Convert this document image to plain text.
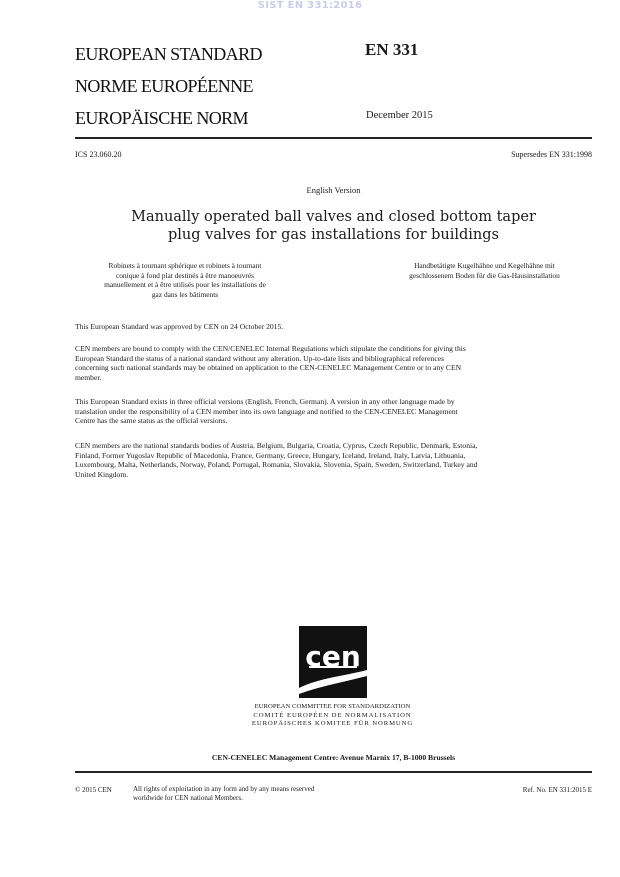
SIST EN 331:2016
EUROPEAN STANDARD
NORME EUROPÉENNE
EUROPÄISCHE NORM
EN 331
December 2015
ICS 23.060.20	Supersedes EN 331:1998
English Version
Manually operated ball valves and closed bottom taper
plug valves for gas installations for buildings
Robinets à tournant sphérique et robinets à tournant
conique à fond plat destinés à être manoeuvrés
manuellement et à être utilisés pour les installations de
gaz dans les bâtiments
Handbetätigte Kugelhähne und Kegelhähne mit
geschlossenem Boden für die Gas-Hausinstallation

This European Standard was approved by CEN on 24 October 2015.

CEN members are bound to comply with the CEN/CENELEC Internal Regulations which stipulate the conditions for giving this

European Standard the status of a national standard without any alteration. Up-to-date lists and bibliographical references

concerning such national standards may be obtained on application to the CEN-CENELEC Management Centre or to any CEN

member.

This European Standard exists in three official versions (English, French, German). A version in any other language made by

translation under the responsibility of a CEN member into its own language and notified to the CEN-CENELEC Management

Centre has the same status as the official versions.

CEN members are the national standards bodies of Austria, Belgium, Bulgaria, Croatia, Cyprus, Czech Republic, Denmark, Estonia,

Finland, Former Yugoslav Republic of Macedonia, France, Germany, Greece, Hungary, Iceland, Ireland, Italy, Latvia, Lithuania,

Luxembourg, Malta, Netherlands, Norway, Poland, Portugal, Romania, Slovakia, Slovenia, Spain, Sweden, Switzerland, Turkey and

United Kingdom.

cen
EUROPEAN COMMITTEE FOR STANDARDIZATION
COMITÉ EUROPÉEN DE NORMALISATION
EUROPÄISCHES KOMITEE FÜR NORMUNG
CEN-CENELEC Management Centre: Avenue Marnix 17, B-1000 Brussels
© 2015 CEN	All rights of exploitation in any form and by any means reserved
worldwide for CEN national Members.
Ref. No. EN 331:2015 E
